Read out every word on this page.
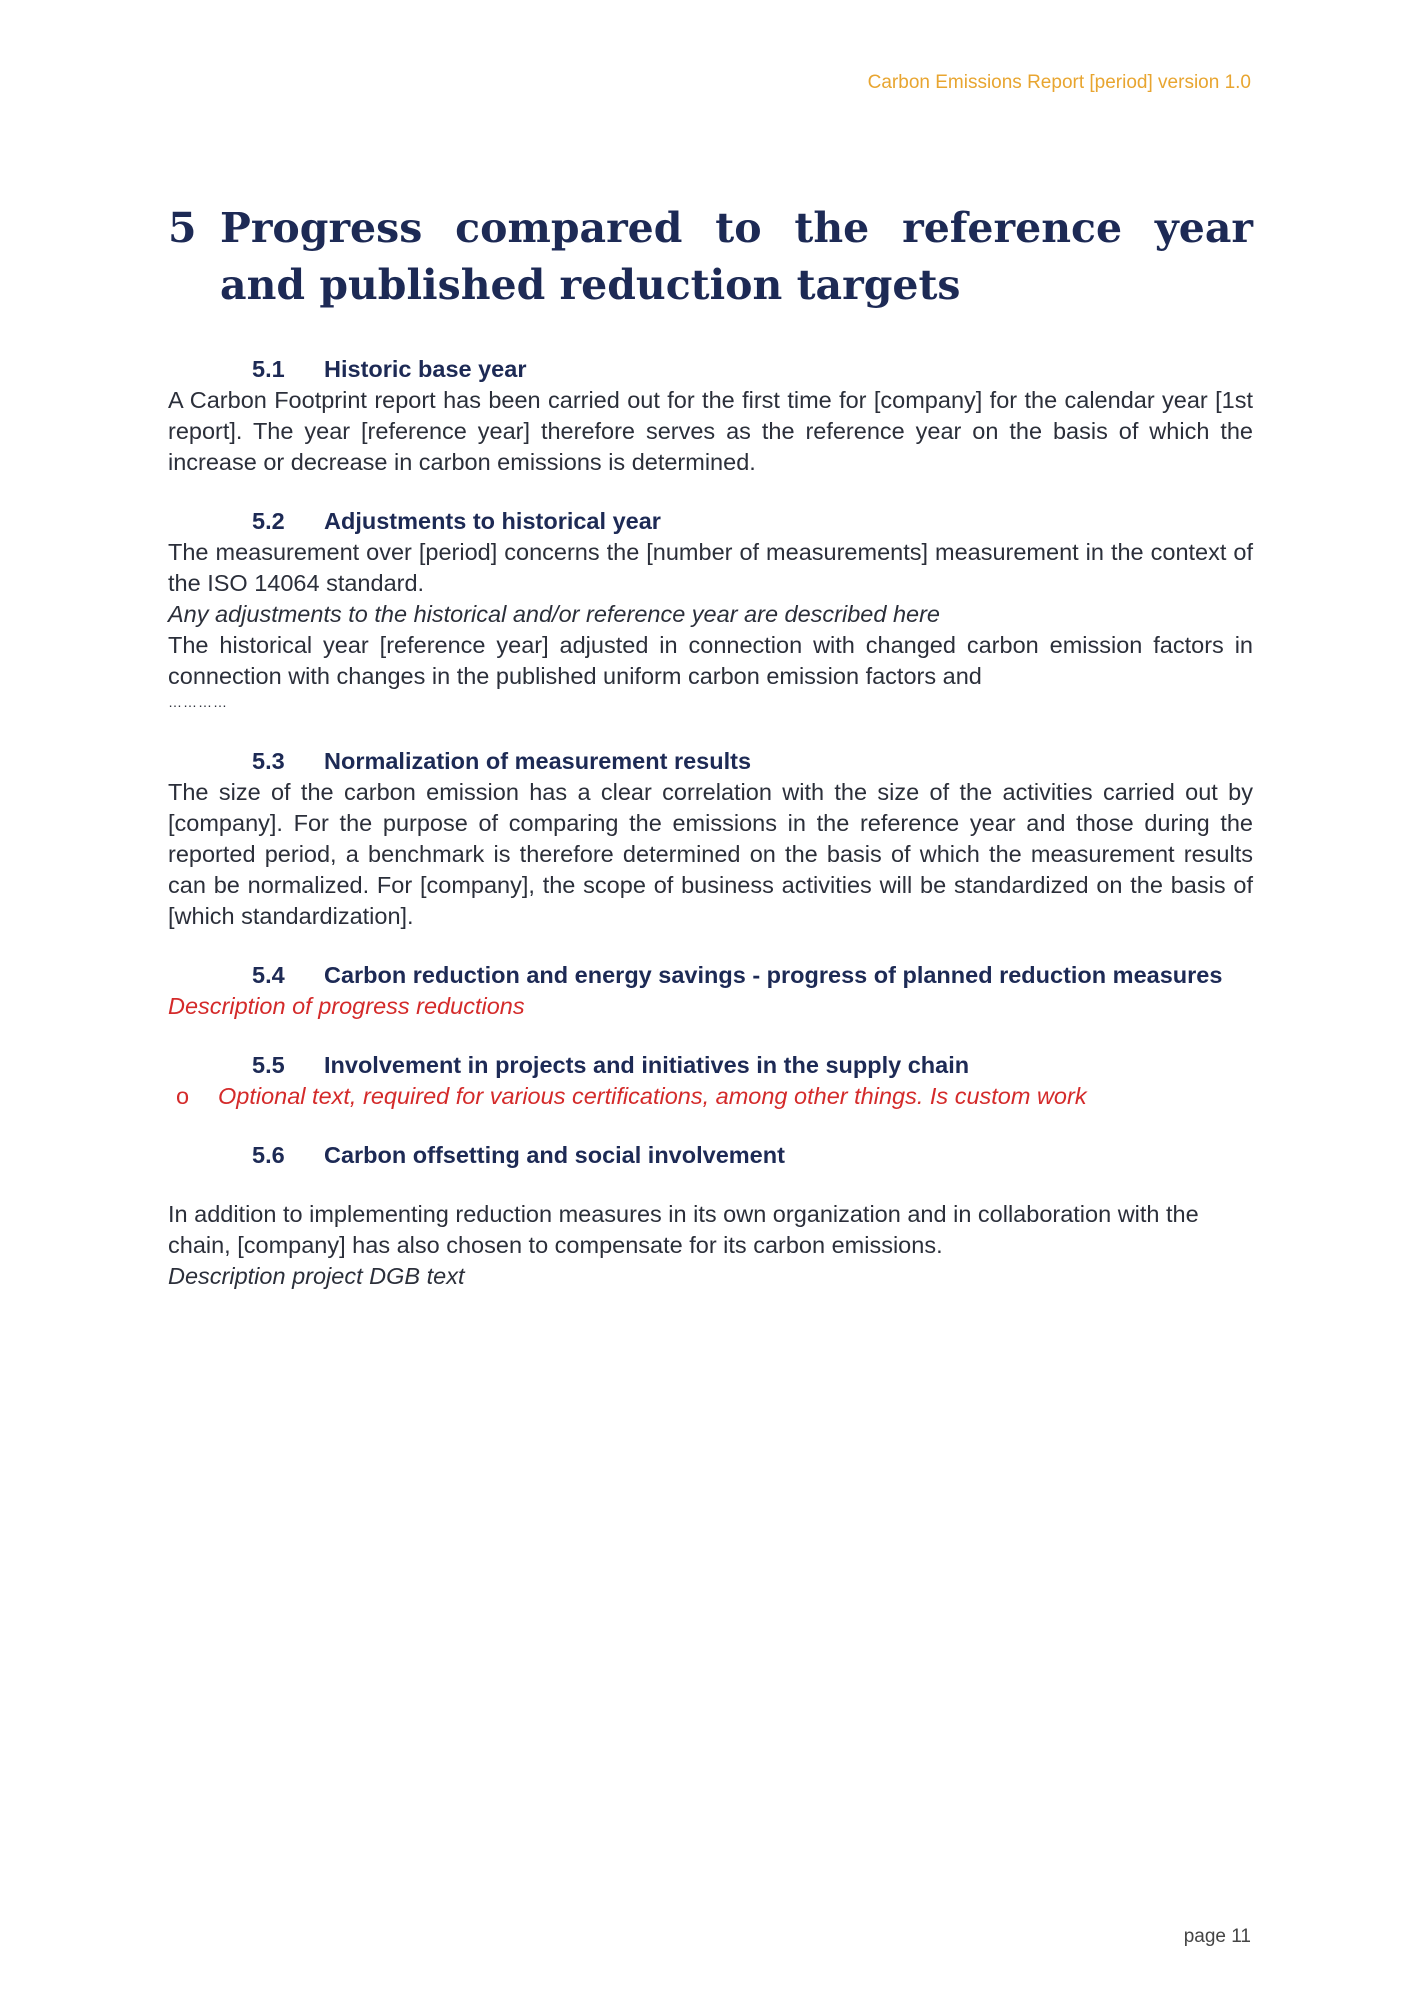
Carbon Emissions Report [period] version 1.0
5 Progress compared to the reference year and published reduction targets
5.1	Historic base year

A Carbon Footprint report has been carried out for the first time for [company] for the calendar year [1st report]. The year [reference year] therefore serves as the reference year on the basis of which the increase or decrease in carbon emissions is determined.

5.2	Adjustments to historical year

The measurement over [period] concerns the [number of measurements] measurement in the context of the ISO 14064 standard.

Any adjustments to the historical and/or reference year are described here

The historical year [reference year] adjusted in connection with changed carbon emission factors in connection with changes in the published uniform carbon emission factors and

…………

5.3	Normalization of measurement results

The size of the carbon emission has a clear correlation with the size of the activities carried out by [company]. For the purpose of comparing the emissions in the reference year and those during the reported period, a benchmark is therefore determined on the basis of which the measurement results can be normalized. For [company], the scope of business activities will be standardized on the basis of [which standardization].

5.4	Carbon reduction and energy savings - progress of planned reduction measures

Description of progress reductions

5.5	Involvement in projects and initiatives in the supply chain
o	Optional text, required for various certifications, among other things. Is custom work
5.6	Carbon offsetting and social involvement

In addition to implementing reduction measures in its own organization and in collaboration with the chain, [company] has also chosen to compensate for its carbon emissions.

Description project DGB text

page 11
